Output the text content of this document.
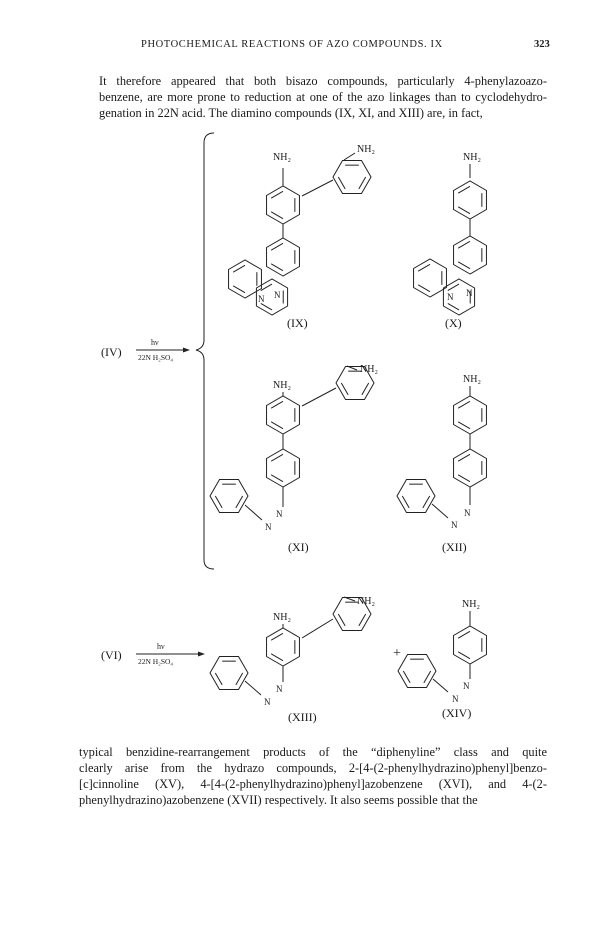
PHOTOCHEMICAL REACTIONS OF AZO COMPOUNDS. IX	323

It therefore appeared that both bisazo compounds, particularly 4-phenylazoazo-
benzene, are more prone to reduction at one of the azo linkages than to cyclodehydro-
genation in 22N acid. The diamino compounds (IX, XI, and XIII) are, in fact,

(IV)
hν
22N H₂SO₄
(VI)
hν
22N H₂SO₄
+
(IX)	(X)
(XI)	(XII)
(XIII)	(XIV)
NH₂
NH₂
N N
NH₂
N N
NH₂
NH₂
N
N
NH₂
N
N
NH₂
NH₂
N
N
NH₂
N
N

typical benzidine-rearrangement products of the “diphenyline” class and quite
clearly arise from the hydrazo compounds, 2-[4-(2-phenylhydrazino)phenyl]benzo-
[c]cinnoline (XV), 4-[4-(2-phenylhydrazino)phenyl]azobenzene (XVI), and 4-(2-
phenylhydrazino)azobenzene (XVII) respectively. It also seems possible that the
